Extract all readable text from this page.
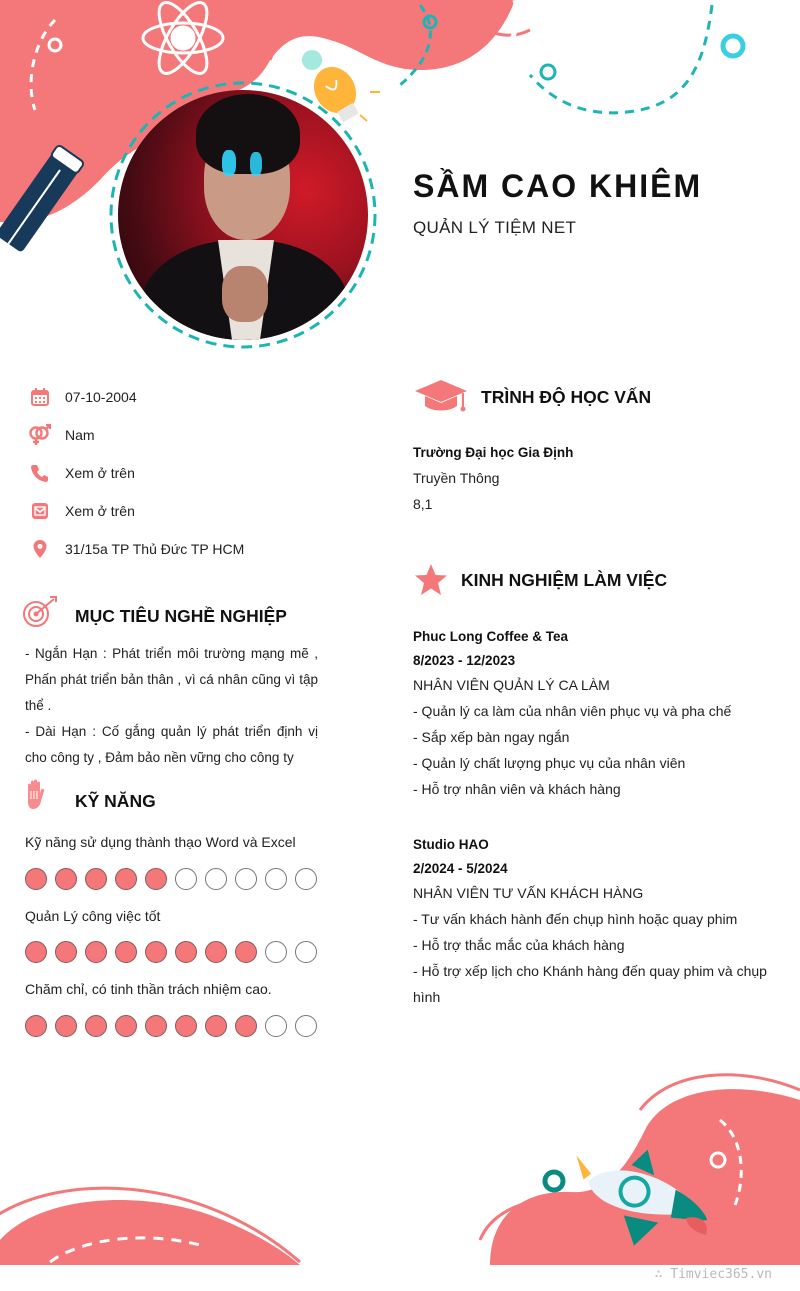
SẦM CAO KHIÊM
QUẢN LÝ TIỆM NET
07-10-2004
Nam
Xem ở trên
Xem ở trên
31/15a TP Thủ Đức TP HCM
MỤC TIÊU NGHỀ NGHIỆP
- Ngắn Hạn : Phát triển môi trường mạng mẽ , Phấn phát triển bản thân , vì cá nhân cũng vì tập thể .
- Dài Hạn : Cố gắng quản lý phát triển định vị cho công ty , Đảm bảo nền vững cho công ty
KỸ NĂNG
Kỹ năng sử dụng thành thạo Word và Excel
Quản Lý công việc tốt
Chăm chỉ, có tinh thần trách nhiệm cao.
TRÌNH ĐỘ HỌC VẤN
Trường Đại học Gia Định
Truyền Thông
8,1
KINH NGHIỆM LÀM VIỆC
Phuc Long Coffee & Tea
8/2023 - 12/2023
NHÂN VIÊN QUẢN LÝ CA LÀM
- Quản lý ca làm của nhân viên phục vụ và pha chế
- Sắp xếp bàn ngay ngắn
- Quản lý chất lượng phục vụ của nhân viên
- Hỗ trợ nhân viên và khách hàng
Studio HAO
2/2024 - 5/2024
NHÂN VIÊN TƯ VẤN KHÁCH HÀNG
- Tư vấn khách hành đến chụp hình hoặc quay phim
- Hỗ trợ thắc mắc của khách hàng
- Hỗ trợ xếp lịch cho Khánh hàng đến quay phim và chụp hình
∴ Timviec365.vn
